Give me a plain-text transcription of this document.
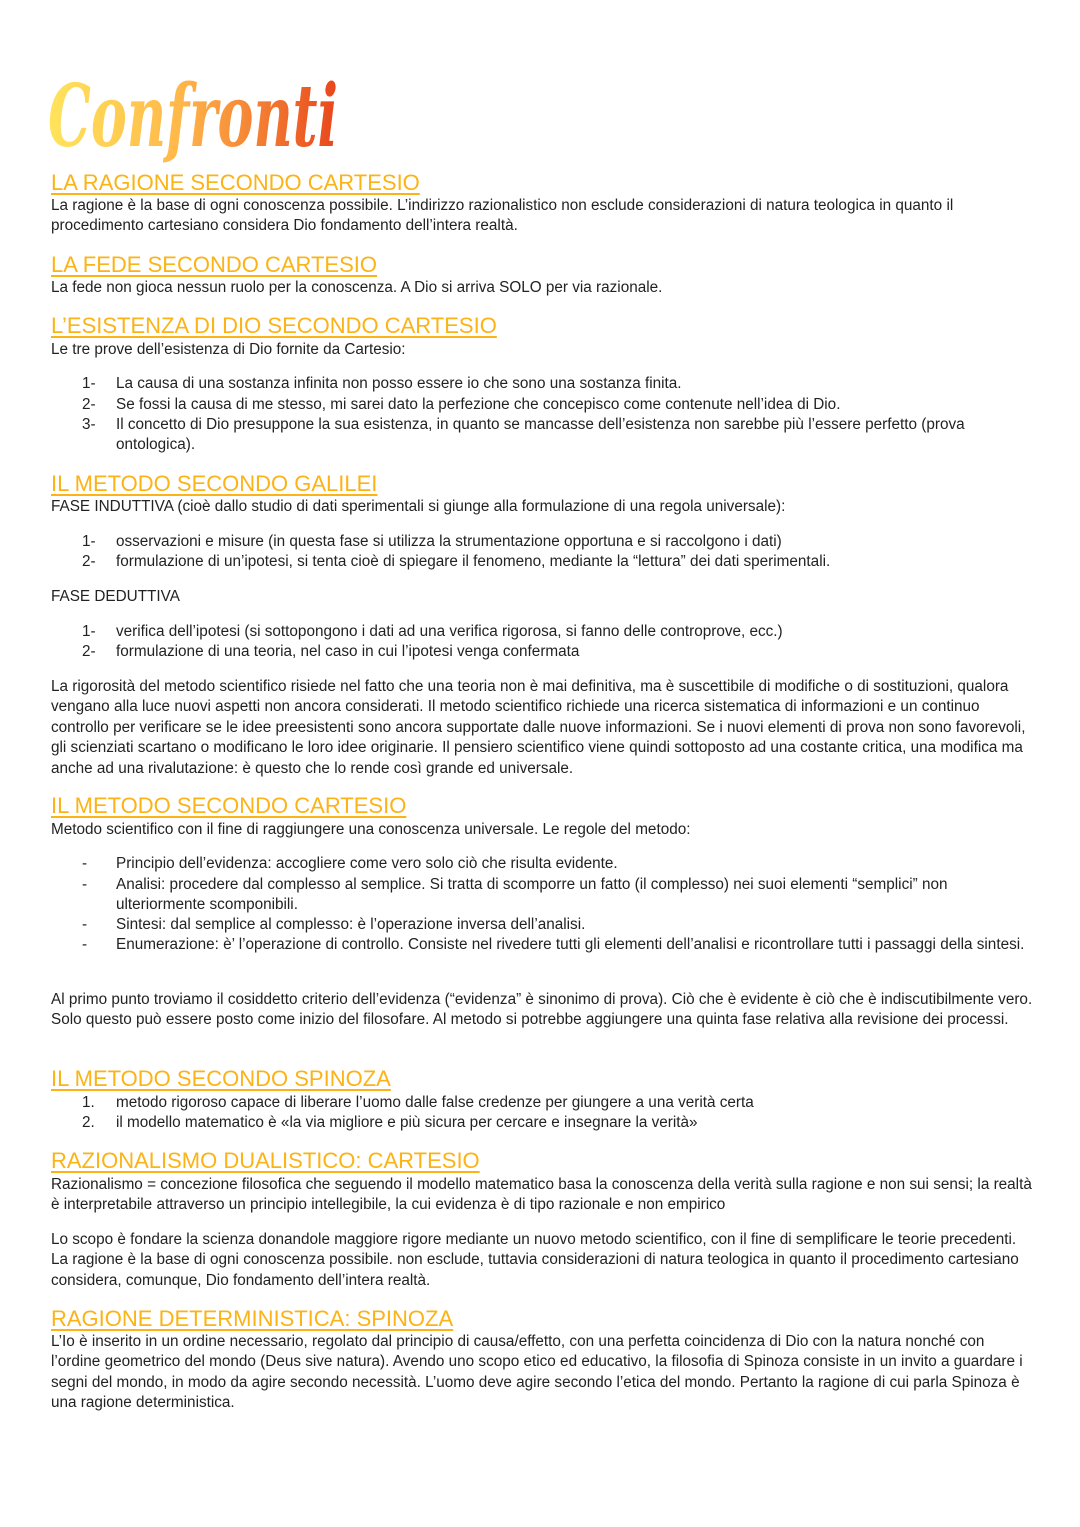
Confronti
LA RAGIONE SECONDO CARTESIO

La ragione è la base di ogni conoscenza possibile. L’indirizzo razionalistico non esclude considerazioni di natura teologica in quanto il procedimento cartesiano considera Dio fondamento dell’intera realtà.

LA FEDE SECONDO CARTESIO

La fede non gioca nessun ruolo per la conoscenza. A Dio si arriva SOLO per via razionale.

L’ESISTENZA DI DIO SECONDO CARTESIO

Le tre prove dell’esistenza di Dio fornite da Cartesio:

1- La causa di una sostanza infinita non posso essere io che sono una sostanza finita.

2- Se fossi la causa di me stesso, mi sarei dato la perfezione che concepisco come contenute nell’idea di Dio.

3- Il concetto di Dio presuppone la sua esistenza, in quanto se mancasse dell’esistenza non sarebbe più l’essere perfetto (prova ontologica).

IL METODO SECONDO GALILEI

FASE INDUTTIVA (cioè dallo studio di dati sperimentali si giunge alla formulazione di una regola universale):

1- osservazioni e misure (in questa fase si utilizza la strumentazione opportuna e si raccolgono i dati)

2- formulazione di un’ipotesi, si tenta cioè di spiegare il fenomeno, mediante la “lettura” dei dati sperimentali.

FASE DEDUTTIVA

1- verifica dell’ipotesi (si sottopongono i dati ad una verifica rigorosa, si fanno delle controprove, ecc.)

2- formulazione di una teoria, nel caso in cui l’ipotesi venga confermata

La rigorosità del metodo scientifico risiede nel fatto che una teoria non è mai definitiva, ma è suscettibile di modifiche o di sostituzioni, qualora vengano alla luce nuovi aspetti non ancora considerati. Il metodo scientifico richiede una ricerca sistematica di informazioni e un continuo controllo per verificare se le idee preesistenti sono ancora supportate dalle nuove informazioni. Se i nuovi elementi di prova non sono favorevoli, gli scienziati scartano o modificano le loro idee originarie. Il pensiero scientifico viene quindi sottoposto ad una costante critica, una modifica ma anche ad una rivalutazione: è questo che lo rende così grande ed universale.

IL METODO SECONDO CARTESIO

Metodo scientifico con il fine di raggiungere una conoscenza universale. Le regole del metodo:

- Principio dell’evidenza: accogliere come vero solo ciò che risulta evidente.

- Analisi: procedere dal complesso al semplice. Si tratta di scomporre un fatto (il complesso) nei suoi elementi “semplici” non ulteriormente scomponibili.

- Sintesi: dal semplice al complesso: è l’operazione inversa dell’analisi.

- Enumerazione: è’ l’operazione di controllo. Consiste nel rivedere tutti gli elementi dell’analisi e ricontrollare tutti i passaggi della sintesi.

Al primo punto troviamo il cosiddetto criterio dell’evidenza (“evidenza” è sinonimo di prova). Ciò che è evidente è ciò che è indiscutibilmente vero. Solo questo può essere posto come inizio del filosofare. Al metodo si potrebbe aggiungere una quinta fase relativa alla revisione dei processi.

IL METODO SECONDO SPINOZA
1. metodo rigoroso capace di liberare l’uomo dalle false credenze per giungere a una verità certa

2. il modello matematico è «la via migliore e più sicura per cercare e insegnare la verità»

RAZIONALISMO DUALISTICO: CARTESIO

Razionalismo = concezione filosofica che seguendo il modello matematico basa la conoscenza della verità sulla ragione e non sui sensi; la realtà è interpretabile attraverso un principio intellegibile, la cui evidenza è di tipo razionale e non empirico

Lo scopo è fondare la scienza donandole maggiore rigore mediante un nuovo metodo scientifico, con il fine di semplificare le teorie precedenti. La ragione è la base di ogni conoscenza possibile. non esclude, tuttavia considerazioni di natura teologica in quanto il procedimento cartesiano considera, comunque, Dio fondamento dell’intera realtà.

RAGIONE DETERMINISTICA: SPINOZA

L’Io è inserito in un ordine necessario, regolato dal principio di causa/effetto, con una perfetta coincidenza di Dio con la natura nonché con l’ordine geometrico del mondo (Deus sive natura). Avendo uno scopo etico ed educativo, la filosofia di Spinoza consiste in un invito a guardare i segni del mondo, in modo da agire secondo necessità. L’uomo deve agire secondo l’etica del mondo. Pertanto la ragione di cui parla Spinoza è una ragione deterministica.
